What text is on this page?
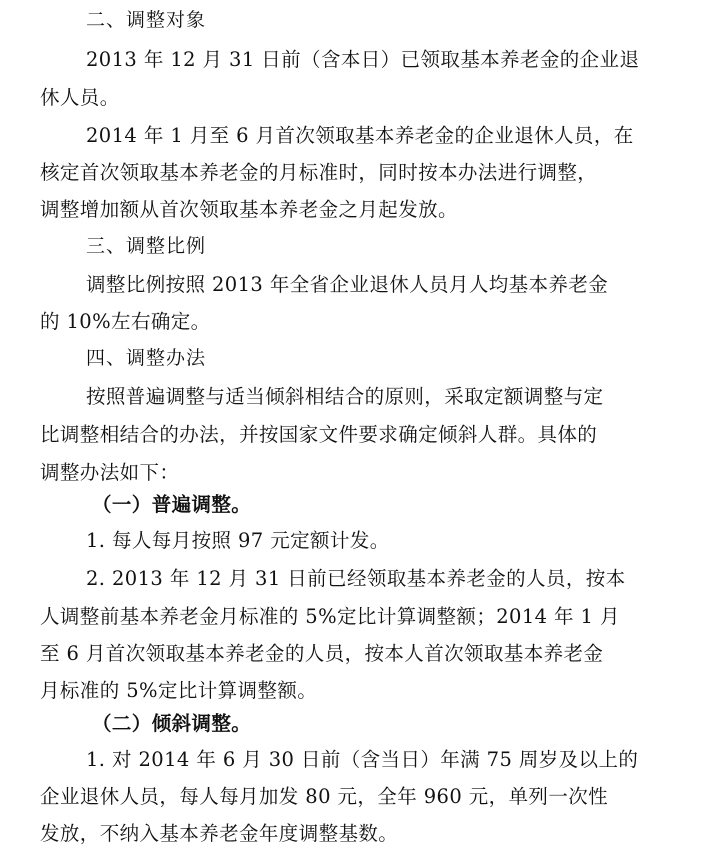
二、调整对象
2013 年 12 月 31 日前（含本日）已领取基本养老金的企业退
休人员。
2014 年 1 月至 6 月首次领取基本养老金的企业退休人员，在
核定首次领取基本养老金的月标准时，同时按本办法进行调整，
调整增加额从首次领取基本养老金之月起发放。
三、调整比例
调整比例按照 2013 年全省企业退休人员月人均基本养老金
的 10%左右确定。
四、调整办法
按照普遍调整与适当倾斜相结合的原则，采取定额调整与定
比调整相结合的办法，并按国家文件要求确定倾斜人群。具体的
调整办法如下：
（一）普遍调整。
1. 每人每月按照 97 元定额计发。
2. 2013 年 12 月 31 日前已经领取基本养老金的人员，按本
人调整前基本养老金月标准的 5%定比计算调整额；2014 年 1 月
至 6 月首次领取基本养老金的人员，按本人首次领取基本养老金
月标准的 5%定比计算调整额。
（二）倾斜调整。
1. 对 2014 年 6 月 30 日前（含当日）年满 75 周岁及以上的
企业退休人员，每人每月加发 80 元，全年 960 元，单列一次性
发放，不纳入基本养老金年度调整基数。
